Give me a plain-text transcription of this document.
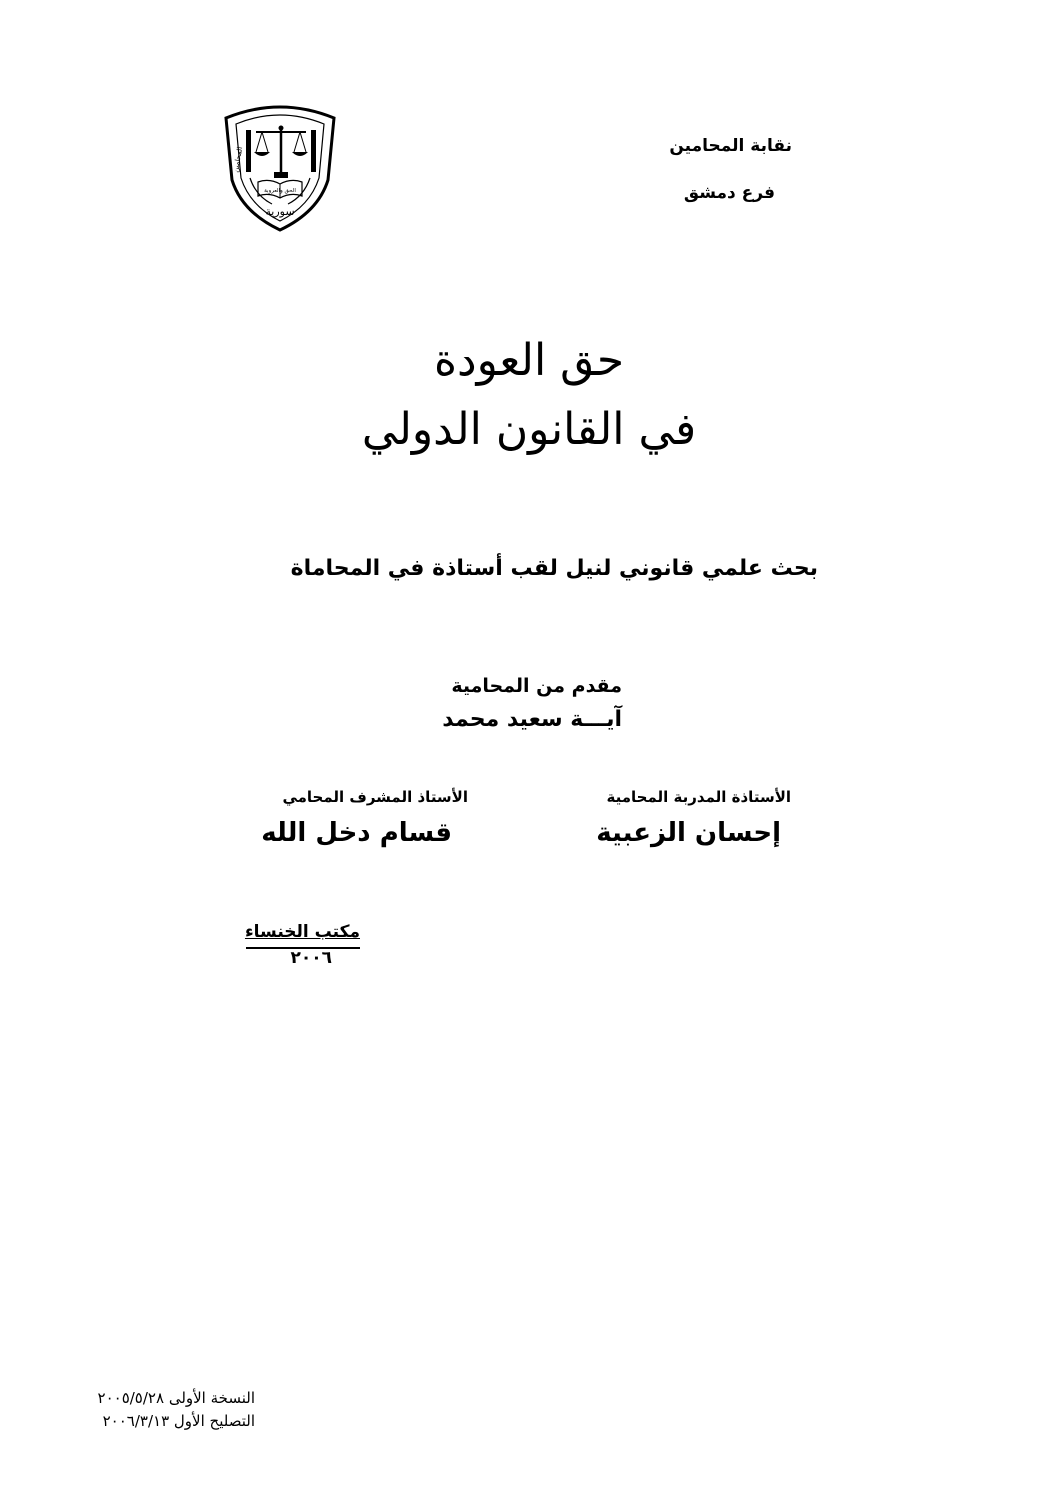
نقابة المحامين
فرع دمشق
الحق والعروبة
سورية
المحامين
حق العودة
في القانون الدولي
بحث علمي قانوني لنيل لقب أستاذة في المحاماة
مقدم من المحامية
آيـــة سعيد محمد
الأستاذة المدربة المحامية
إحسان الزعبية
الأستاذ المشرف المحامي
قسام دخل الله
مكتب الخنساء
٢٠٠٦
النسخة الأولى ٢٠٠٥/٥/٢٨
التصليح الأول ٢٠٠٦/٣/١٣
